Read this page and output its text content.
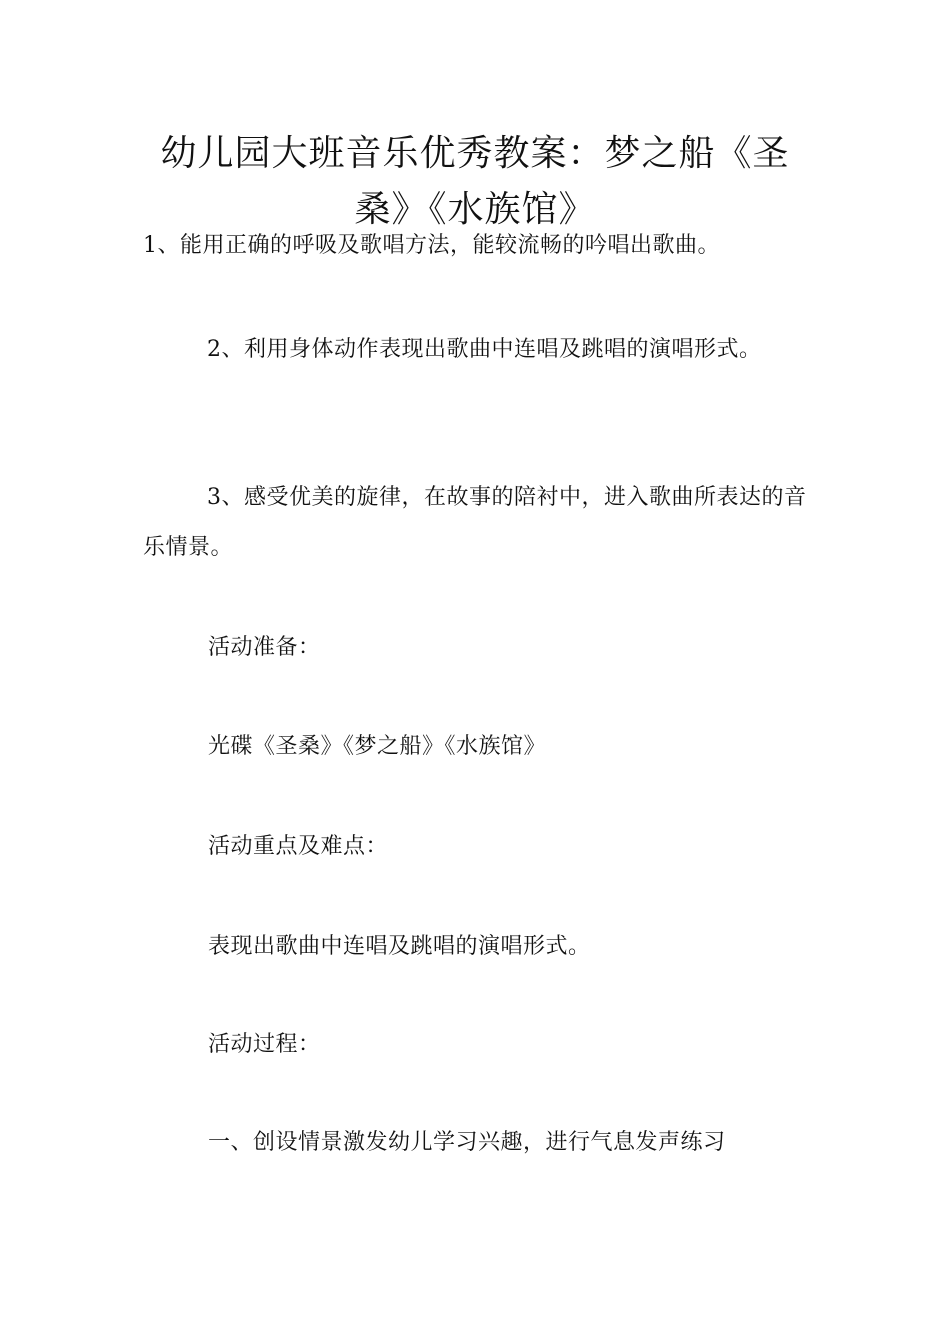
幼儿园大班音乐优秀教案：梦之船《圣桑》《水族馆》

1、能用正确的呼吸及歌唱方法，能较流畅的吟唱出歌曲。

2、利用身体动作表现出歌曲中连唱及跳唱的演唱形式。

3、感受优美的旋律，在故事的陪衬中，进入歌曲所表达的音乐情景。

活动准备：

光碟《圣桑》《梦之船》《水族馆》

活动重点及难点：

表现出歌曲中连唱及跳唱的演唱形式。

活动过程：

一、创设情景激发幼儿学习兴趣，进行气息发声练习
